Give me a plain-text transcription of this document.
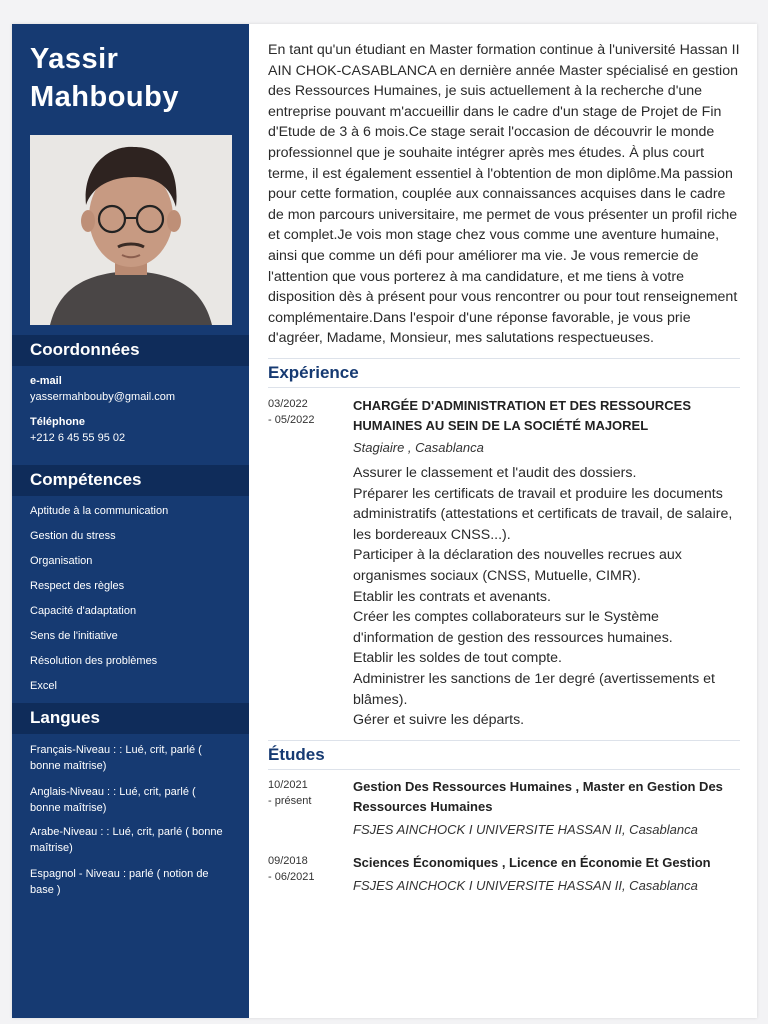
Yassir Mahbouby
Coordonnées
e-mail
yassermahbouby@gmail.com
Téléphone
+212 6 45 55 95 02
Compétences
Aptitude à la communication
Gestion du stress
Organisation
Respect des règles
Capacité d'adaptation
Sens de l'initiative
Résolution des problèmes
Excel
Langues
Français-Niveau : : Lué, crit, parlé ( bonne maîtrise)
Anglais-Niveau : : Lué, crit, parlé ( bonne maîtrise)
Arabe-Niveau : : Lué, crit, parlé ( bonne maîtrise)
Espagnol - Niveau : parlé ( notion de base )
En tant qu'un étudiant en Master formation continue à l'université Hassan II AIN CHOK-CASABLANCA en dernière année Master spécialisé en gestion des Ressources Humaines, je suis actuellement à la recherche d'une entreprise pouvant m'accueillir dans le cadre d'un stage de Projet de Fin d'Etude de 3 à 6 mois.Ce stage serait l'occasion de découvrir le monde professionnel que je souhaite intégrer après mes études. À plus court terme, il est également essentiel à l'obtention de mon diplôme.Ma passion pour cette formation, couplée aux connaissances acquises dans le cadre de mon parcours universitaire, me permet de vous présenter un profil riche et complet.Je vois mon stage chez vous comme une aventure humaine, ainsi que comme un défi pour améliorer ma vie. Je vous remercie de l'attention que vous porterez à ma candidature, et me tiens à votre disposition dès à présent pour vous rencontrer ou pour tout renseignement complémentaire.Dans l'espoir d'une réponse favorable, je vous prie d'agréer, Madame, Monsieur, mes salutations respectueuses.
Expérience
03/2022
- 05/2022
CHARGÉE D'ADMINISTRATION ET DES RESSOURCES HUMAINES AU SEIN DE LA SOCIÉTÉ MAJOREL
Stagiaire , Casablanca
Assurer le classement et l'audit des dossiers.
Préparer les certificats de travail et produire les documents administratifs (attestations et certificats de travail, de salaire, les bordereaux CNSS...).
Participer à la déclaration des nouvelles recrues aux organismes sociaux (CNSS, Mutuelle, CIMR).
Etablir les contrats et avenants.
Créer les comptes collaborateurs sur le Système d'information de gestion des ressources humaines.
Etablir les soldes de tout compte.
Administrer les sanctions de 1er degré (avertissements et blâmes).
Gérer et suivre les départs.
Études
10/2021
- présent
Gestion Des Ressources Humaines , Master en Gestion Des Ressources Humaines
FSJES AINCHOCK I UNIVERSITE HASSAN II, Casablanca
09/2018
- 06/2021
Sciences Économiques , Licence en Économie Et Gestion
FSJES AINCHOCK I UNIVERSITE HASSAN II, Casablanca
